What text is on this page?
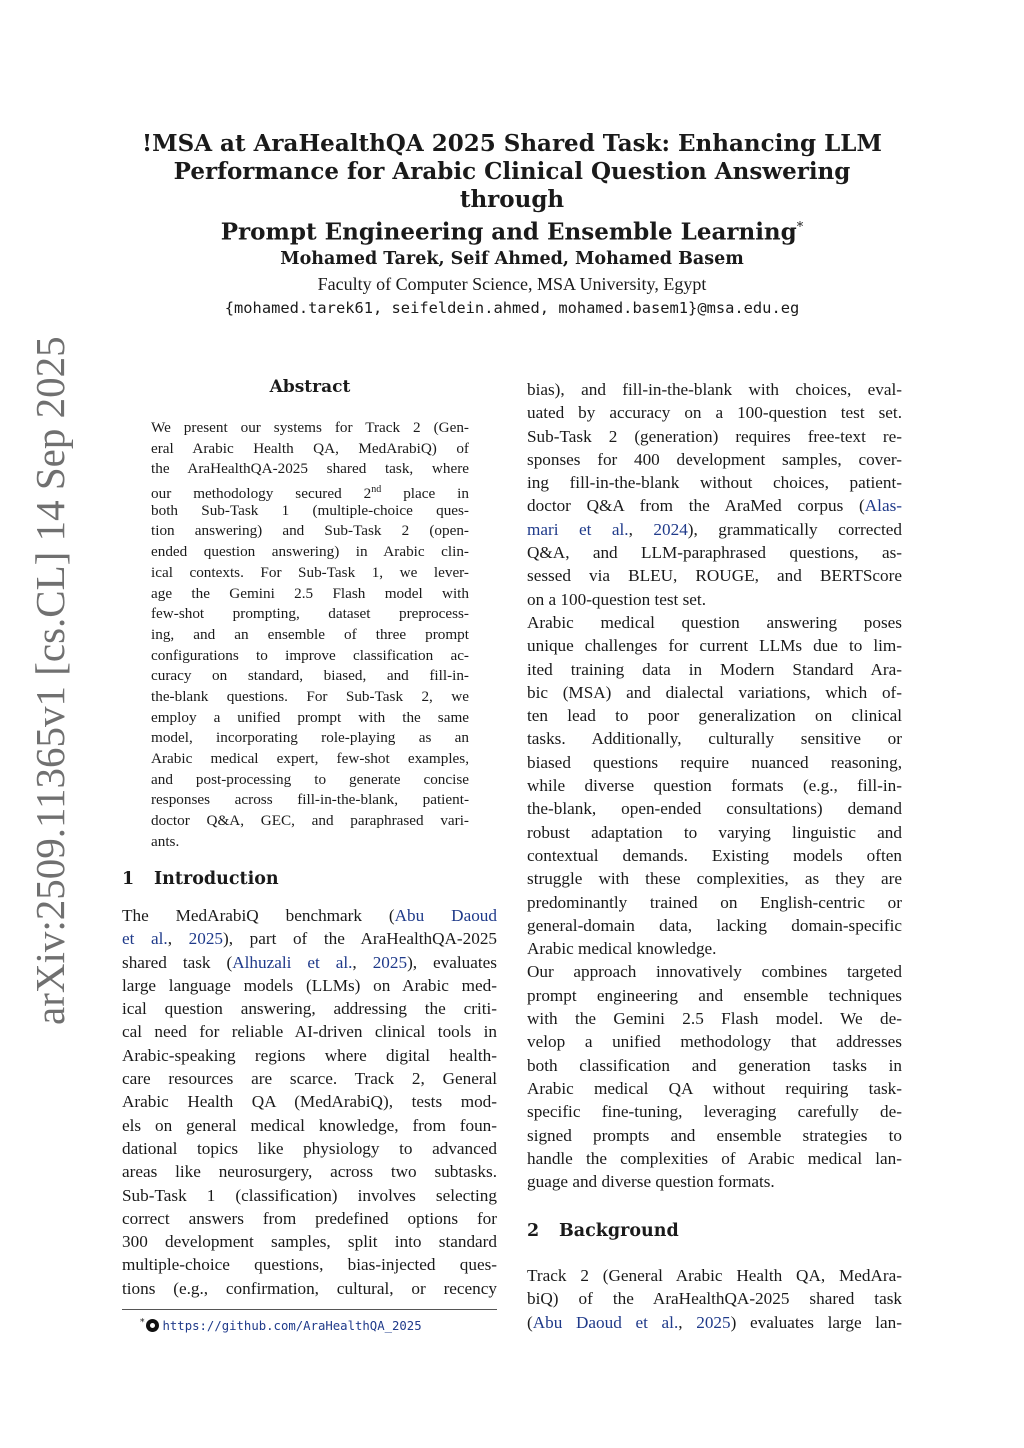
!MSA at AraHealthQA 2025 Shared Task: Enhancing LLM
Performance for Arabic Clinical Question Answering through
Prompt Engineering and Ensemble Learning*
Mohamed Tarek, Seif Ahmed, Mohamed Basem
Faculty of Computer Science, MSA University, Egypt
{mohamed.tarek61, seifeldein.ahmed, mohamed.basem1}@msa.edu.eg
arXiv:2509.11365v1 [cs.CL] 14 Sep 2025	Abstract
We present our systems for Track 2 (Gen-
eral Arabic Health QA, MedArabiQ) of
the AraHealthQA-2025 shared task, where
our methodology secured 2nd place in
both Sub-Task 1 (multiple-choice ques-
tion answering) and Sub-Task 2 (open-
ended question answering) in Arabic clin-
ical contexts. For Sub-Task 1, we lever-
age the Gemini 2.5 Flash model with
few-shot prompting, dataset preprocess-
ing, and an ensemble of three prompt
configurations to improve classification ac-
curacy on standard, biased, and fill-in-
the-blank questions. For Sub-Task 2, we
employ a unified prompt with the same
model, incorporating role-playing as an
Arabic medical expert, few-shot examples,
and post-processing to generate concise
responses across fill-in-the-blank, patient-
doctor Q&A, GEC, and paraphrased vari-
ants.
1 Introduction
The MedArabiQ benchmark (Abu Daoud
et al., 2025), part of the AraHealthQA-2025
shared task (Alhuzali et al., 2025), evaluates
large language models (LLMs) on Arabic med-
ical question answering, addressing the criti-
cal need for reliable AI-driven clinical tools in
Arabic-speaking regions where digital health-
care resources are scarce. Track 2, General
Arabic Health QA (MedArabiQ), tests mod-
els on general medical knowledge, from foun-
dational topics like physiology to advanced
areas like neurosurgery, across two subtasks.
Sub-Task 1 (classification) involves selecting
correct answers from predefined options for
300 development samples, split into standard
multiple-choice questions, bias-injected ques-
tions (e.g., confirmation, cultural, or recency
* https://github.com/AraHealthQA_2025
bias), and fill-in-the-blank with choices, eval-
uated by accuracy on a 100-question test set.
Sub-Task 2 (generation) requires free-text re-
sponses for 400 development samples, cover-
ing fill-in-the-blank without choices, patient-
doctor Q&A from the AraMed corpus (Alas-
mari et al., 2024), grammatically corrected
Q&A, and LLM-paraphrased questions, as-
sessed via BLEU, ROUGE, and BERTScore
on a 100-question test set.
Arabic medical question answering poses
unique challenges for current LLMs due to lim-
ited training data in Modern Standard Ara-
bic (MSA) and dialectal variations, which of-
ten lead to poor generalization on clinical
tasks. Additionally, culturally sensitive or
biased questions require nuanced reasoning,
while diverse question formats (e.g., fill-in-
the-blank, open-ended consultations) demand
robust adaptation to varying linguistic and
contextual demands. Existing models often
struggle with these complexities, as they are
predominantly trained on English-centric or
general-domain data, lacking domain-specific
Arabic medical knowledge.
Our approach innovatively combines targeted
prompt engineering and ensemble techniques
with the Gemini 2.5 Flash model. We de-
velop a unified methodology that addresses
both classification and generation tasks in
Arabic medical QA without requiring task-
specific fine-tuning, leveraging carefully de-
signed prompts and ensemble strategies to
handle the complexities of Arabic medical lan-
guage and diverse question formats.
2 Background
Track 2 (General Arabic Health QA, MedAra-
biQ) of the AraHealthQA-2025 shared task
(Abu Daoud et al., 2025) evaluates large lan-
